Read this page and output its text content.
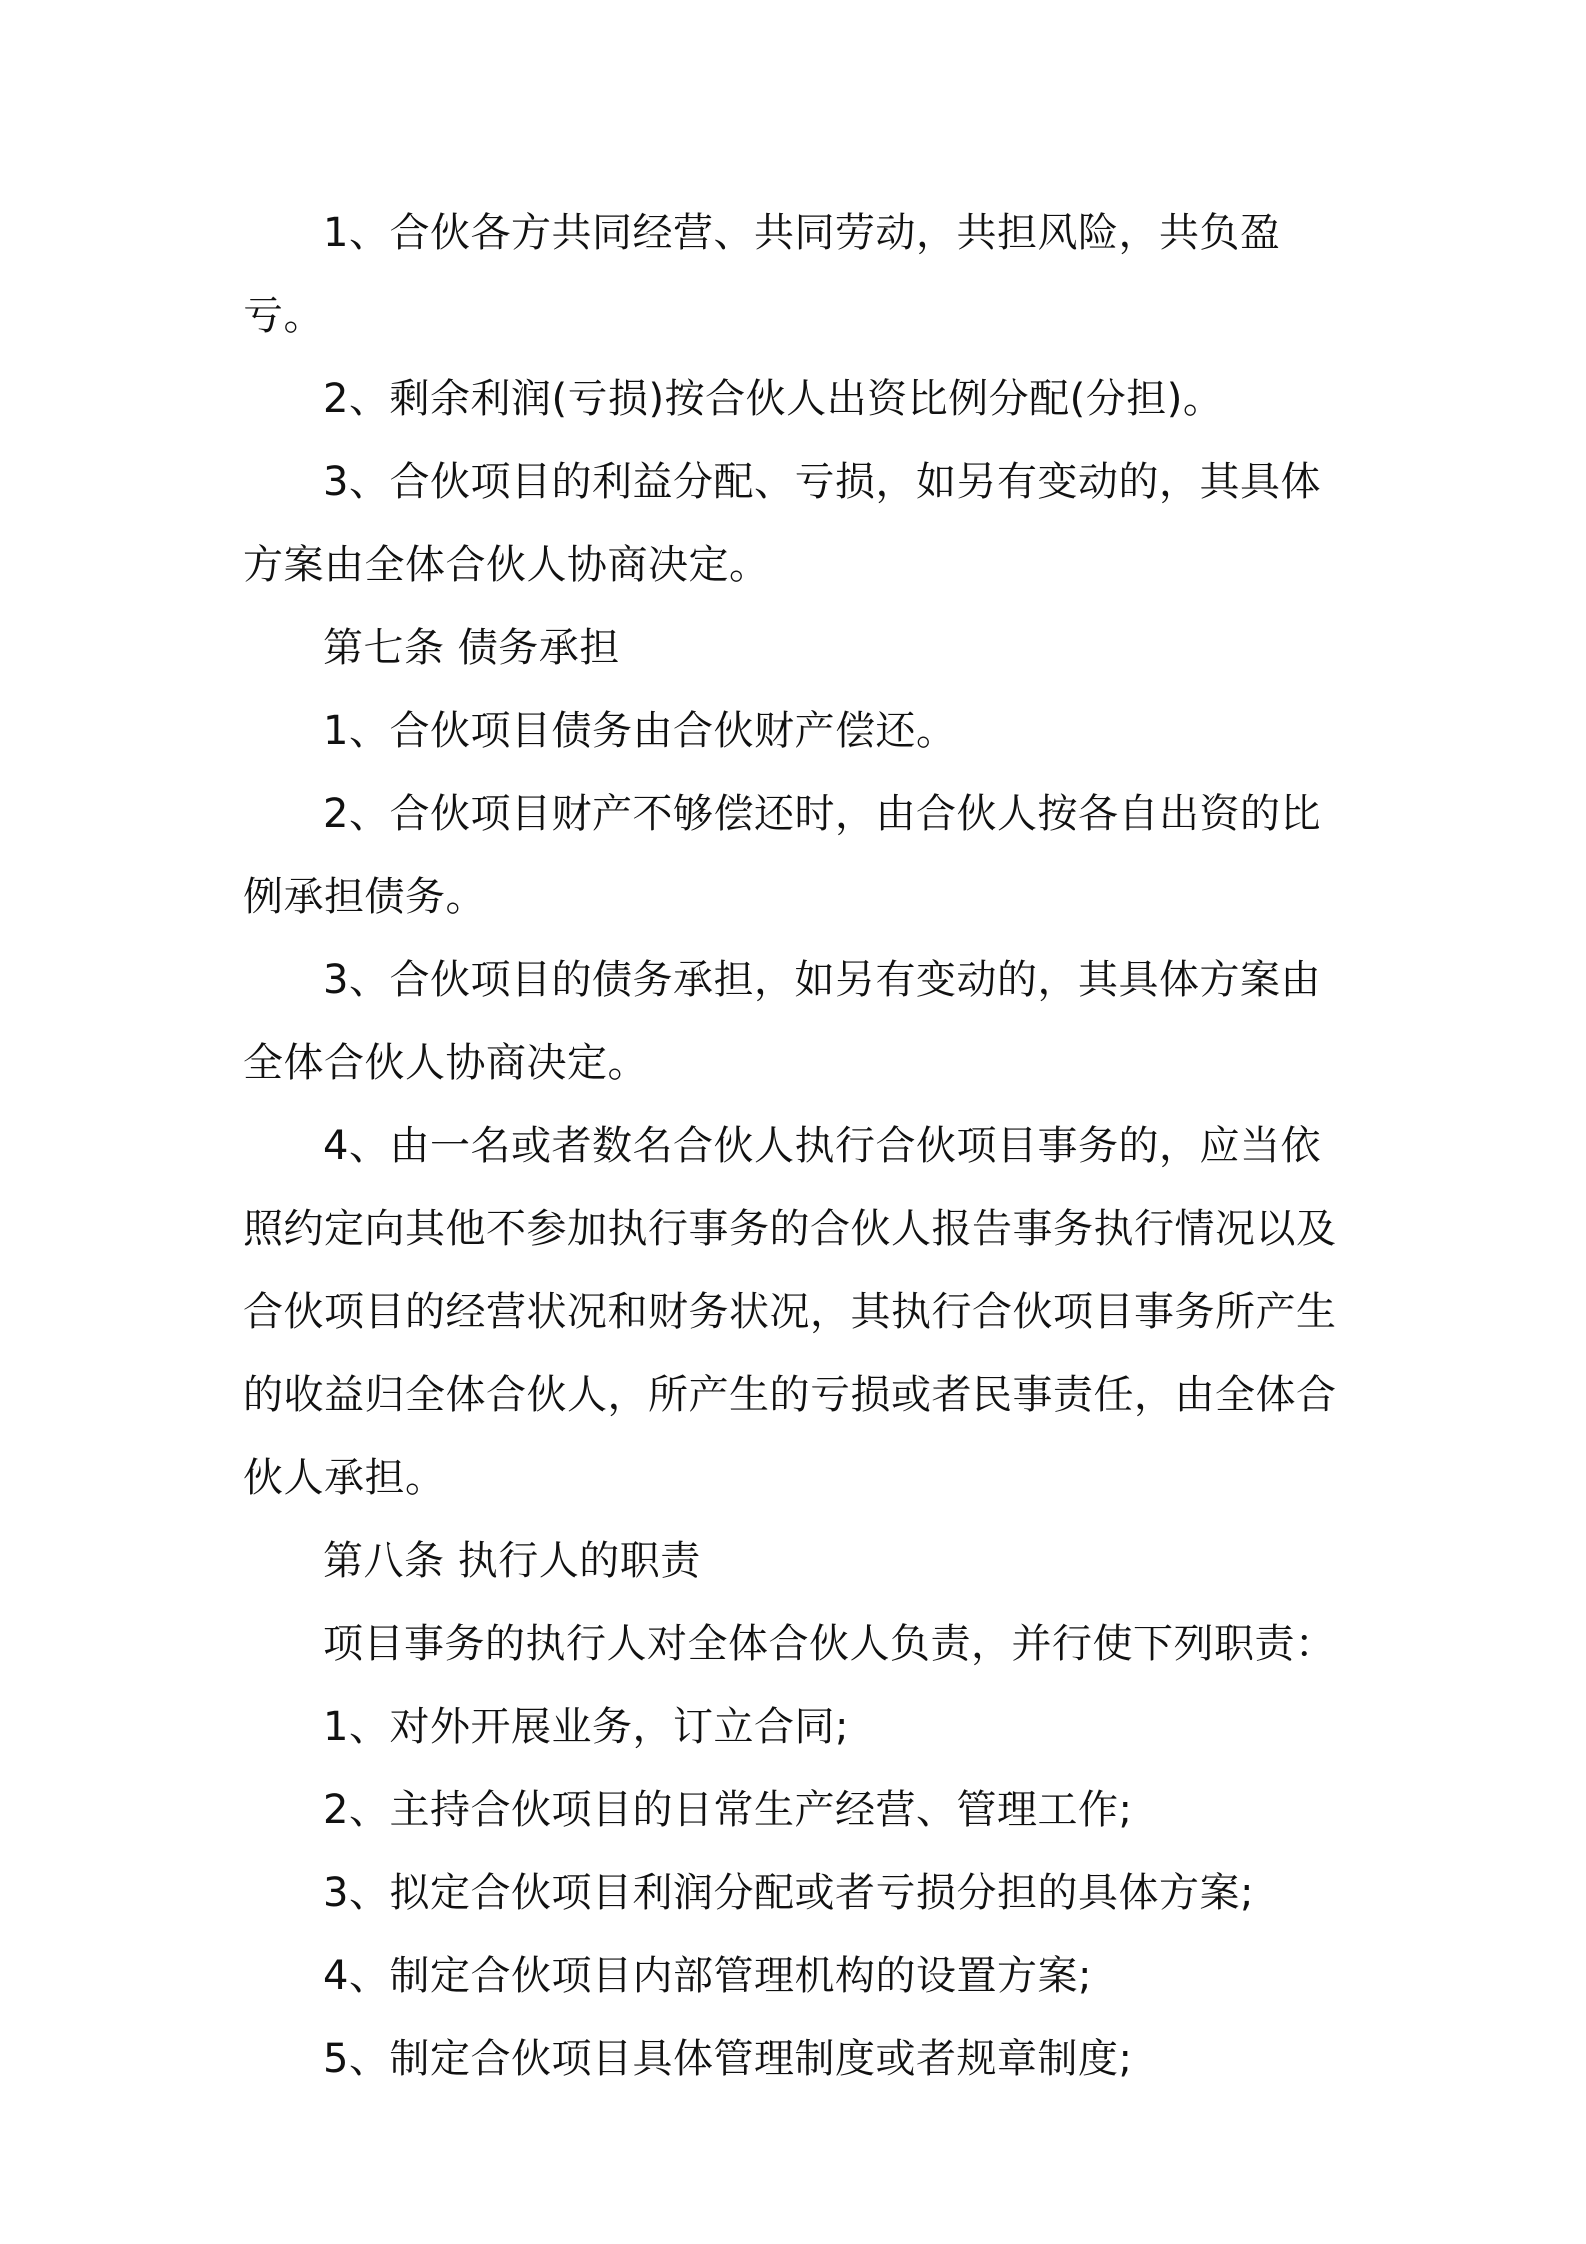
1、合伙各方共同经营、共同劳动，共担风险，共负盈亏。

2、剩余利润(亏损)按合伙人出资比例分配(分担)。

3、合伙项目的利益分配、亏损，如另有变动的，其具体方案由全体合伙人协商决定。

第七条 债务承担

1、合伙项目债务由合伙财产偿还。

2、合伙项目财产不够偿还时，由合伙人按各自出资的比例承担债务。

3、合伙项目的债务承担，如另有变动的，其具体方案由全体合伙人协商决定。

4、由一名或者数名合伙人执行合伙项目事务的，应当依照约定向其他不参加执行事务的合伙人报告事务执行情况以及合伙项目的经营状况和财务状况，其执行合伙项目事务所产生的收益归全体合伙人，所产生的亏损或者民事责任，由全体合伙人承担。

第八条 执行人的职责

项目事务的执行人对全体合伙人负责，并行使下列职责：

1、对外开展业务，订立合同;

2、主持合伙项目的日常生产经营、管理工作;

3、拟定合伙项目利润分配或者亏损分担的具体方案;

4、制定合伙项目内部管理机构的设置方案;

5、制定合伙项目具体管理制度或者规章制度;
